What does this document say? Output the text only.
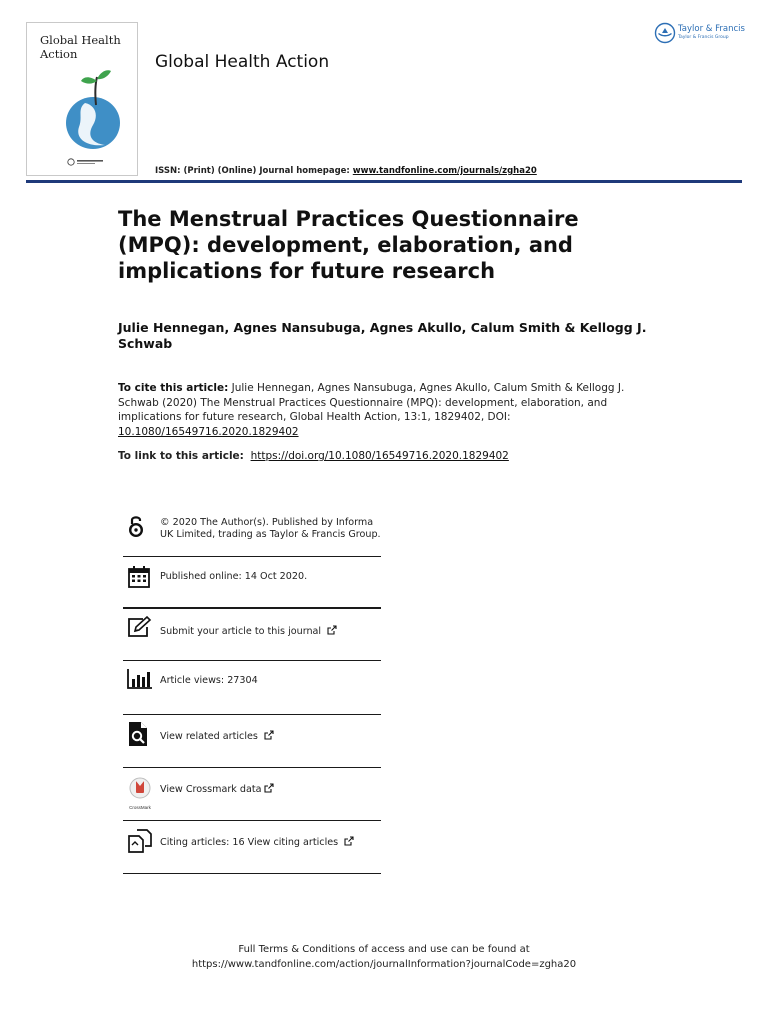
Global Health Action	Global Health Action
Taylor & Francis
Taylor & Francis Group
ISSN: (Print) (Online) Journal homepage: www.tandfonline.com/journals/zgha20
The Menstrual Practices Questionnaire (MPQ): development, elaboration, and implications for future research
Julie Hennegan, Agnes Nansubuga, Agnes Akullo, Calum Smith & Kellogg J. Schwab
To cite this article: Julie Hennegan, Agnes Nansubuga, Agnes Akullo, Calum Smith & Kellogg J. Schwab (2020) The Menstrual Practices Questionnaire (MPQ): development, elaboration, and implications for future research, Global Health Action, 13:1, 1829402, DOI: 10.1080/16549716.2020.1829402
To link to this article: https://doi.org/10.1080/16549716.2020.1829402
© 2020 The Author(s). Published by Informa UK Limited, trading as Taylor & Francis Group.
Published online: 14 Oct 2020.
Submit your article to this journal
Article views: 27304
View related articles
CrossMark
View Crossmark data
Citing articles: 16 View citing articles
Full Terms & Conditions of access and use can be found at
https://www.tandfonline.com/action/journalInformation?journalCode=zgha20
